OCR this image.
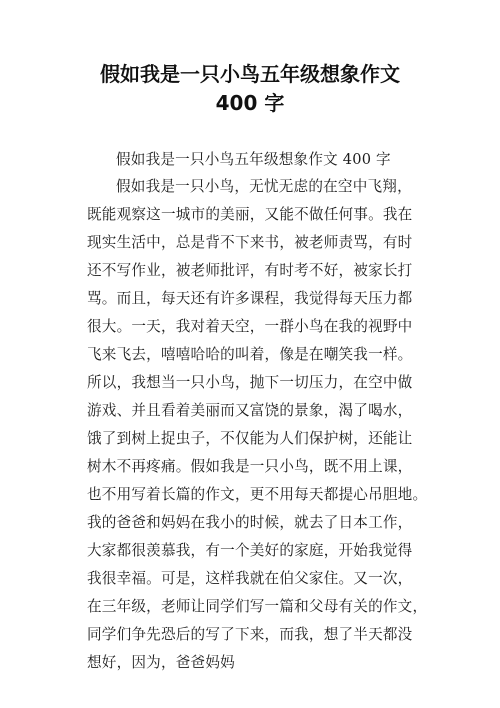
假如我是一只小鸟五年级想象作文
400 字
假如我是一只小鸟五年级想象作文 400 字
假如我是一只小鸟，无忧无虑的在空中飞翔，
既能观察这一城市的美丽，又能不做任何事。我在
现实生活中，总是背不下来书，被老师责骂，有时
还不写作业，被老师批评，有时考不好，被家长打
骂。而且，每天还有许多课程，我觉得每天压力都
很大。一天，我对着天空，一群小鸟在我的视野中
飞来飞去，嘻嘻哈哈的叫着，像是在嘲笑我一样。
所以，我想当一只小鸟，抛下一切压力，在空中做
游戏、并且看着美丽而又富饶的景象，渴了喝水，
饿了到树上捉虫子，不仅能为人们保护树，还能让
树木不再疼痛。假如我是一只小鸟，既不用上课，
也不用写着长篇的作文，更不用每天都提心吊胆地。
我的爸爸和妈妈在我小的时候，就去了日本工作，
大家都很羡慕我，有一个美好的家庭，开始我觉得
我很幸福。可是，这样我就在伯父家住。又一次，
在三年级，老师让同学们写一篇和父母有关的作文，
同学们争先恐后的写了下来，而我，想了半天都没
想好，因为，爸爸妈妈
